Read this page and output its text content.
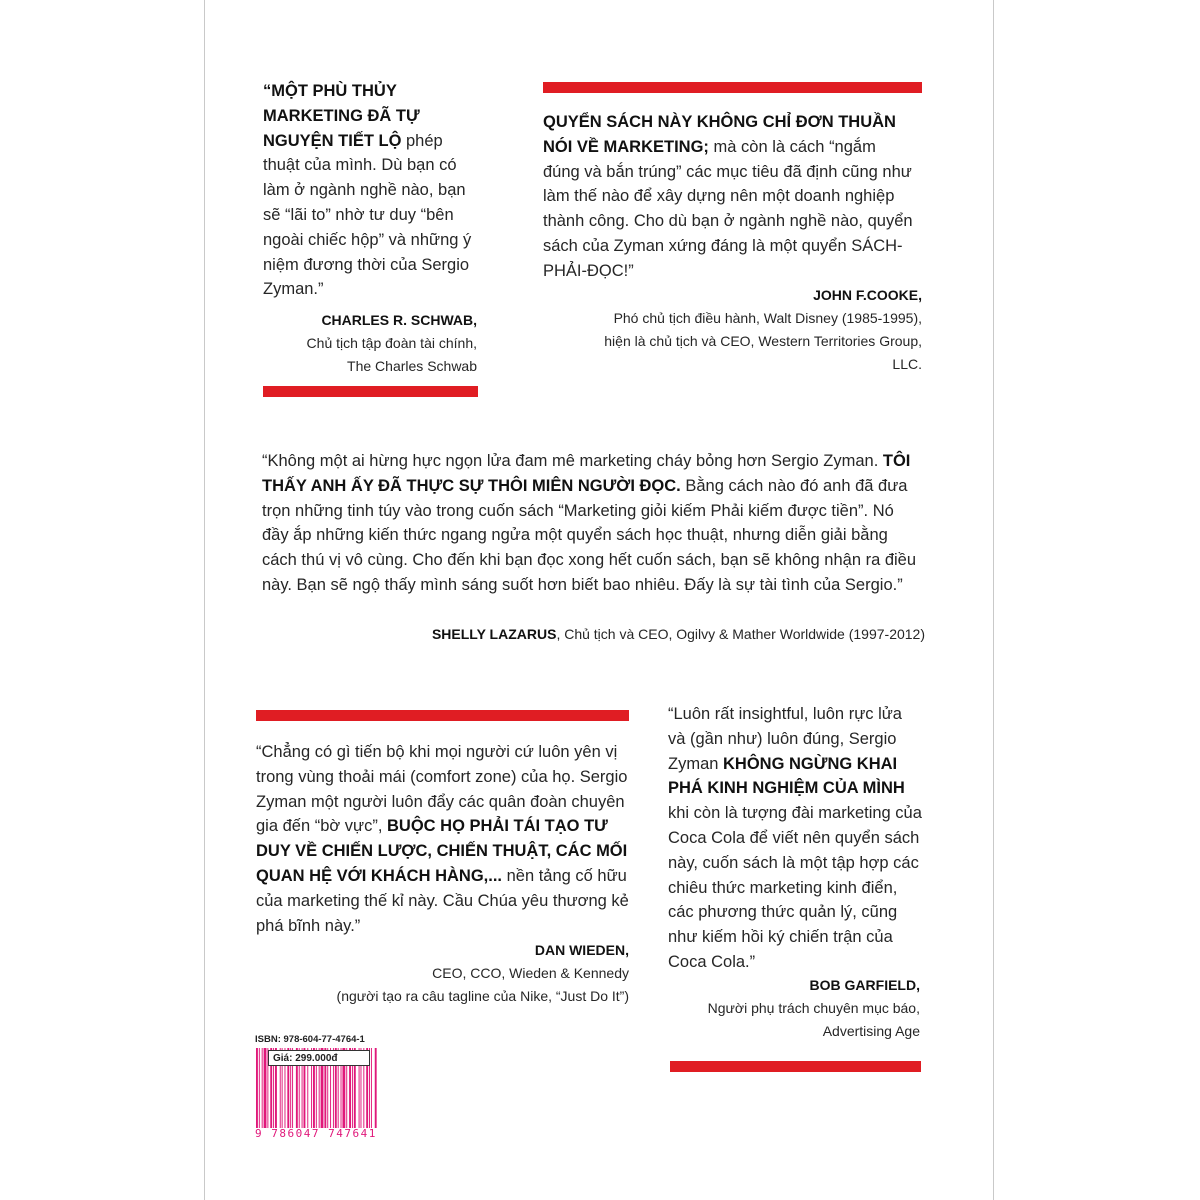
“MỘT PHÙ THỦY MARKETING ĐÃ TỰ NGUYỆN TIẾT LỘ phép thuật của mình. Dù bạn có làm ở ngành nghề nào, bạn sẽ “lãi to” nhờ tư duy “bên ngoài chiếc hộp” và những ý niệm đương thời của Sergio Zyman.”

CHARLES R. SCHWAB,
Chủ tịch tập đoàn tài chính,
The Charles Schwab

QUYỂN SÁCH NÀY KHÔNG CHỈ ĐƠN THUẦN NÓI VỀ MARKETING; mà còn là cách “ngắm đúng và bắn trúng” các mục tiêu đã định cũng như làm thế nào để xây dựng nên một doanh nghiệp thành công. Cho dù bạn ở ngành nghề nào, quyển sách của Zyman xứng đáng là một quyển SÁCH-PHẢI-ĐỌC!”

JOHN F.COOKE,
Phó chủ tịch điều hành, Walt Disney (1985-1995),
hiện là chủ tịch và CEO, Western Territories Group,
LLC.

“Không một ai hừng hực ngọn lửa đam mê marketing cháy bỏng hơn Sergio Zyman. TÔI THẤY ANH ẤY ĐÃ THỰC SỰ THÔI MIÊN NGƯỜI ĐỌC. Bằng cách nào đó anh đã đưa trọn những tinh túy vào trong cuốn sách “Marketing giỏi kiếm Phải kiếm được tiền”. Nó đầy ắp những kiến thức ngang ngửa một quyển sách học thuật, nhưng diễn giải bằng cách thú vị vô cùng. Cho đến khi bạn đọc xong hết cuốn sách, bạn sẽ không nhận ra điều này. Bạn sẽ ngộ thấy mình sáng suốt hơn biết bao nhiêu. Đấy là sự tài tình của Sergio.”

SHELLY LAZARUS, Chủ tịch và CEO, Ogilvy & Mather Worldwide (1997-2012)

“Chẳng có gì tiến bộ khi mọi người cứ luôn yên vị trong vùng thoải mái (comfort zone) của họ. Sergio Zyman một người luôn đẩy các quân đoàn chuyên gia đến “bờ vực”, BUỘC HỌ PHẢI TÁI TẠO TƯ DUY VỀ CHIẾN LƯỢC, CHIẾN THUẬT, CÁC MỐI QUAN HỆ VỚI KHÁCH HÀNG,... nền tảng cố hữu của marketing thế kỉ này. Cầu Chúa yêu thương kẻ phá bĩnh này.”

DAN WIEDEN,
CEO, CCO, Wieden & Kennedy
(người tạo ra câu tagline của Nike, “Just Do It”)

“Luôn rất insightful, luôn rực lửa và (gần như) luôn đúng, Sergio Zyman KHÔNG NGỪNG KHAI PHÁ KINH NGHIỆM CỦA MÌNH khi còn là tượng đài marketing của Coca Cola để viết nên quyển sách này, cuốn sách là một tập hợp các chiêu thức marketing kinh điển, các phương thức quản lý, cũng như kiếm hồi ký chiến trận của Coca Cola.”

BOB GARFIELD,
Người phụ trách chuyên mục báo,
Advertising Age
ISBN: 978-604-77-4764-1
Giá: 299.000đ
9 786047 747641
